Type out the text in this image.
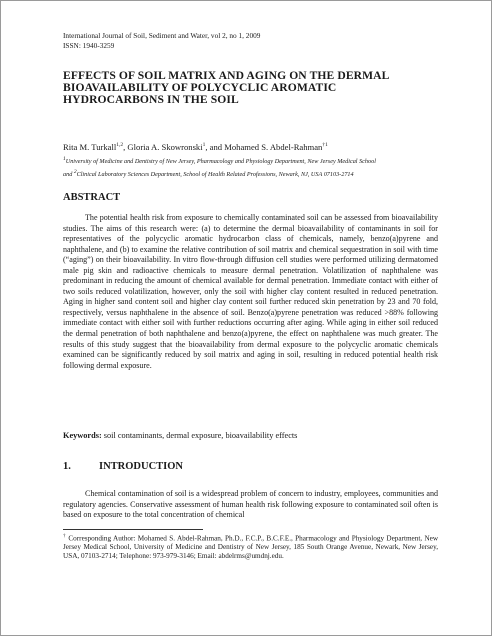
International Journal of Soil, Sediment and Water, vol 2, no 1, 2009
ISSN: 1940-3259
EFFECTS OF SOIL MATRIX AND AGING ON THE DERMAL
BIOAVAILABILITY OF POLYCYCLIC AROMATIC
HYDROCARBONS IN THE SOIL
Rita M. Turkall$^{1,2}$, Gloria A. Skowronski$^1$, and Mohamed S. Abdel-Rahman$^{\dagger 1}$
$^1$University of Medicine and Dentistry of New Jersey, Pharmacology and Physiology Department, New Jersey Medical School
and $^2$Clinical Laboratory Sciences Department, School of Health Related Professions, Newark, NJ, USA 07103-2714
ABSTRACT

The potential health risk from exposure to chemically contaminated soil can be assessed from bioavailability studies. The aims of this research were: (a) to determine the dermal bioavailability of contaminants in soil for representatives of the polycyclic aromatic hydrocarbon class of chemicals, namely, benzo(a)pyrene and naphthalene, and (b) to examine the relative contribution of soil matrix and chemical sequestration in soil with time (“aging”) on their bioavailability. In vitro flow-through diffusion cell studies were performed utilizing dermatomed male pig skin and radioactive chemicals to measure dermal penetration. Volatilization of naphthalene was predominant in reducing the amount of chemical available for dermal penetration. Immediate contact with either of two soils reduced volatilization, however, only the soil with higher clay content resulted in reduced penetration. Aging in higher sand content soil and higher clay content soil further reduced skin penetration by 23 and 70 fold, respectively, versus naphthalene in the absence of soil. Benzo(a)pyrene penetration was reduced >88% following immediate contact with either soil with further reductions occurring after aging. While aging in either soil reduced the dermal penetration of both naphthalene and benzo(a)pyrene, the effect on naphthalene was much greater. The results of this study suggest that the bioavailability from dermal exposure to the polycyclic aromatic chemicals examined can be significantly reduced by soil matrix and aging in soil, resulting in reduced potential health risk following dermal exposure.

Keywords: soil contaminants, dermal exposure, bioavailability effects
1.	INTRODUCTION

Chemical contamination of soil is a widespread problem of concern to industry, employees, communities and regulatory agencies. Conservative assessment of human health risk following exposure to contaminated soil often is based on exposure to the total concentration of chemical

† Corresponding Author: Mohamed S. Abdel-Rahman, Ph.D., F.C.P., B.C.F.E., Pharmacology and Physiology Department, New Jersey Medical School, University of Medicine and Dentistry of New Jersey, 185 South Orange Avenue, Newark, New Jersey, USA, 07103-2714; Telephone: 973-979-3146; Email: abdelrms@umdnj.edu.
